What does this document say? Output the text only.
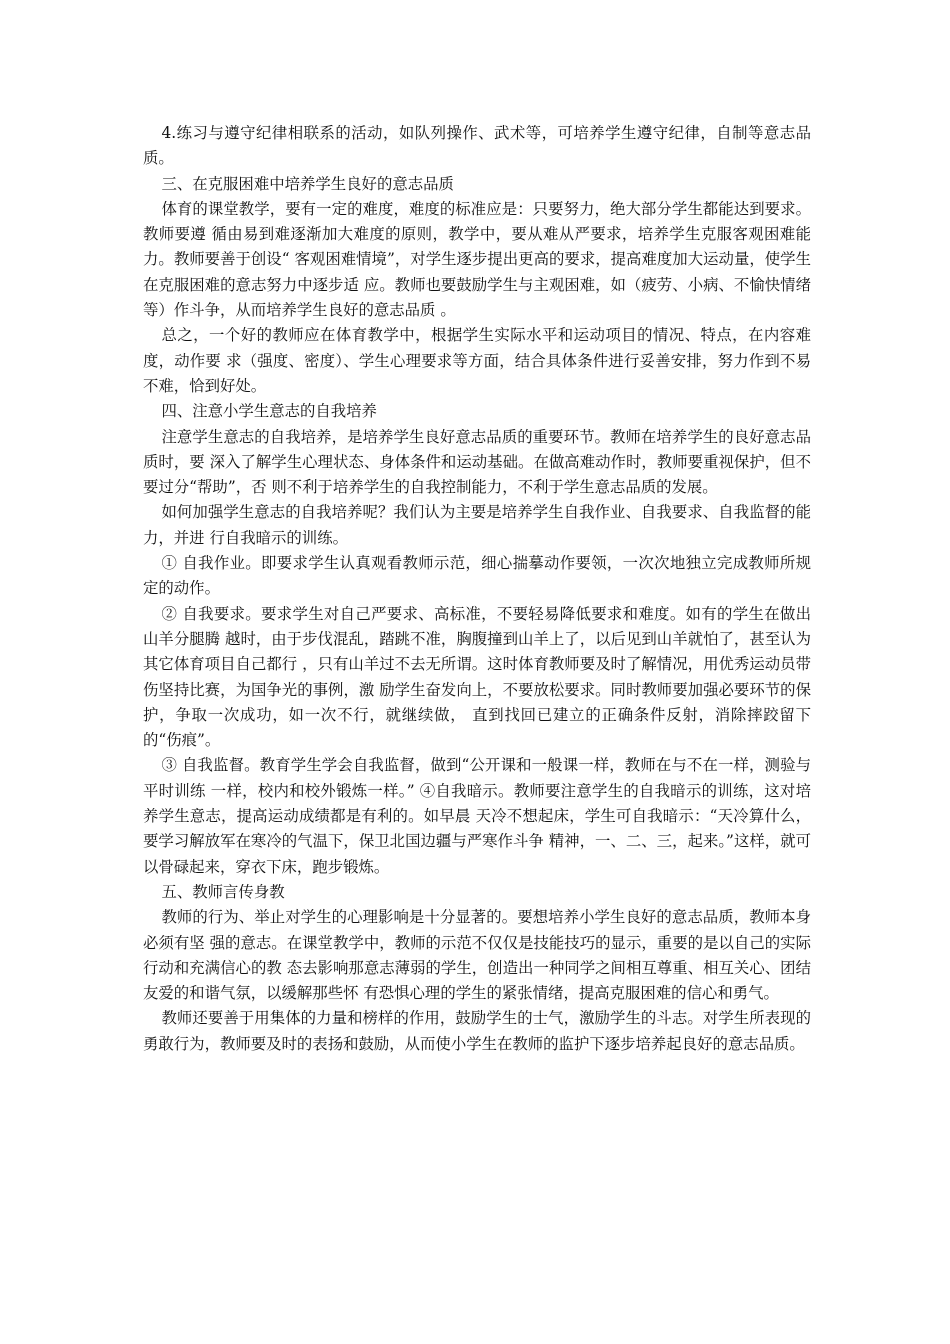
4.练习与遵守纪律相联系的活动，如队列操作、武术等，可培养学生遵守纪律，自制等意志品质。

三、在克服困难中培养学生良好的意志品质

体育的课堂教学，要有一定的难度，难度的标准应是：只要努力，绝大部分学生都能达到要求。教师要遵 循由易到难逐渐加大难度的原则，教学中，要从难从严要求，培养学生克服客观困难能力。教师要善于创设“ 客观困难情境”，对学生逐步提出更高的要求，提高难度加大运动量，使学生在克服困难的意志努力中逐步适 应。教师也要鼓励学生与主观困难，如（疲劳、小病、不愉快情绪等）作斗争，从而培养学生良好的意志品质 。

总之，一个好的教师应在体育教学中，根据学生实际水平和运动项目的情况、特点，在内容难度，动作要 求（强度、密度）、学生心理要求等方面，结合具体条件进行妥善安排，努力作到不易不难，恰到好处。

四、注意小学生意志的自我培养

注意学生意志的自我培养，是培养学生良好意志品质的重要环节。教师在培养学生的良好意志品质时，要 深入了解学生心理状态、身体条件和运动基础。在做高难动作时，教师要重视保护，但不要过分“帮助”，否 则不利于培养学生的自我控制能力，不利于学生意志品质的发展。

如何加强学生意志的自我培养呢？我们认为主要是培养学生自我作业、自我要求、自我监督的能力，并进 行自我暗示的训练。

① 自我作业。即要求学生认真观看教师示范，细心揣摹动作要领，一次次地独立完成教师所规定的动作。

② 自我要求。要求学生对自己严要求、高标准，不要轻易降低要求和难度。如有的学生在做出山羊分腿腾 越时，由于步伐混乱，踏跳不准，胸腹撞到山羊上了，以后见到山羊就怕了，甚至认为其它体育项目自己都行 ，只有山羊过不去无所谓。这时体育教师要及时了解情况，用优秀运动员带伤坚持比赛，为国争光的事例，激 励学生奋发向上，不要放松要求。同时教师要加强必要环节的保护，争取一次成功，如一次不行，就继续做， 直到找回已建立的正确条件反射，消除摔跤留下的“伤痕”。

③ 自我监督。教育学生学会自我监督，做到“公开课和一般课一样，教师在与不在一样，测验与平时训练 一样，校内和校外锻炼一样。” ④自我暗示。教师要注意学生的自我暗示的训练，这对培养学生意志，提高运动成绩都是有利的。如早晨 天冷不想起床，学生可自我暗示：“天冷算什么，要学习解放军在寒冷的气温下，保卫北国边疆与严寒作斗争 精神，一、二、三，起来。”这样，就可以骨碌起来，穿衣下床，跑步锻炼。

五、教师言传身教

教师的行为、举止对学生的心理影响是十分显著的。要想培养小学生良好的意志品质，教师本身必须有坚 强的意志。在课堂教学中，教师的示范不仅仅是技能技巧的显示，重要的是以自己的实际行动和充满信心的教 态去影响那意志薄弱的学生，创造出一种同学之间相互尊重、相互关心、团结友爱的和谐气氛，以缓解那些怀 有恐惧心理的学生的紧张情绪，提高克服困难的信心和勇气。

教师还要善于用集体的力量和榜样的作用，鼓励学生的士气，激励学生的斗志。对学生所表现的勇敢行为，教师要及时的表扬和鼓励，从而使小学生在教师的监护下逐步培养起良好的意志品质。
